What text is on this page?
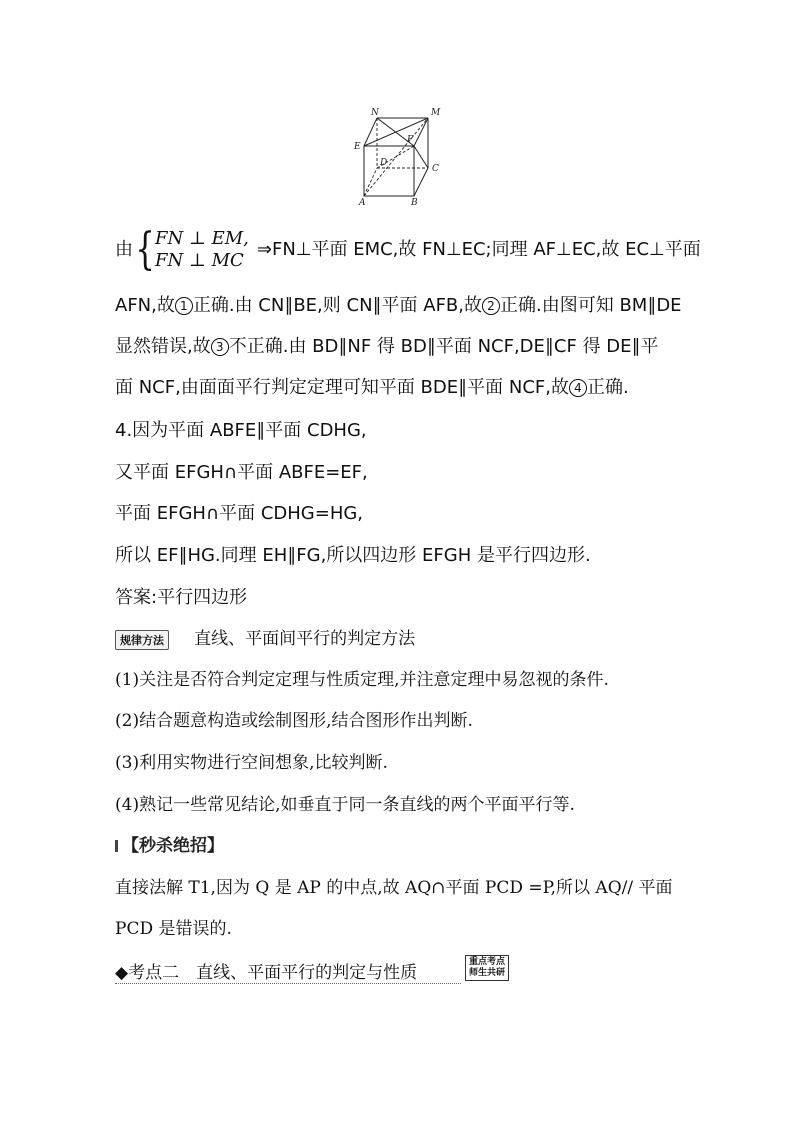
N	M
E
F
D
C
A	B
由 { FN ⊥ EM,
FN ⊥ MC
⇒FN⊥平面 EMC,故 FN⊥EC;同理 AF⊥EC,故 EC⊥平面
AFN,故 1 正确.由 CN∥BE,则 CN∥平面 AFB,故 2 正确.由图可知 BM∥DE
显然错误,故 3 不正确.由 BD∥NF 得 BD∥平面 NCF,DE∥CF 得 DE∥平
面 NCF,由面面平行判定定理可知平面 BDE∥平面 NCF,故 4 正确.
4.因为平面 ABFE∥平面 CDHG,
又平面 EFGH∩平面 ABFE=EF,
平面 EFGH∩平面 CDHG=HG,
所以 EF∥HG.同理 EH∥FG,所以四边形 EFGH 是平行四边形.
答案:平行四边形
规律方法 直线、平面间平行的判定方法
(1)关注是否符合判定定理与性质定理,并注意定理中易忽视的条件.
(2)结合题意构造或绘制图形,结合图形作出判断.
(3)利用实物进行空间想象,比较判断.
(4)熟记一些常见结论,如垂直于同一条直线的两个平面平行等.
【秒杀绝招】
直接法解 T1,因为 Q 是 AP 的中点,故 AQ∩平面 PCD =P,所以 AQ// 平面
PCD 是错误的.
◆考点二　直线、平面平行的判定与性质
重点考点
师生共研
